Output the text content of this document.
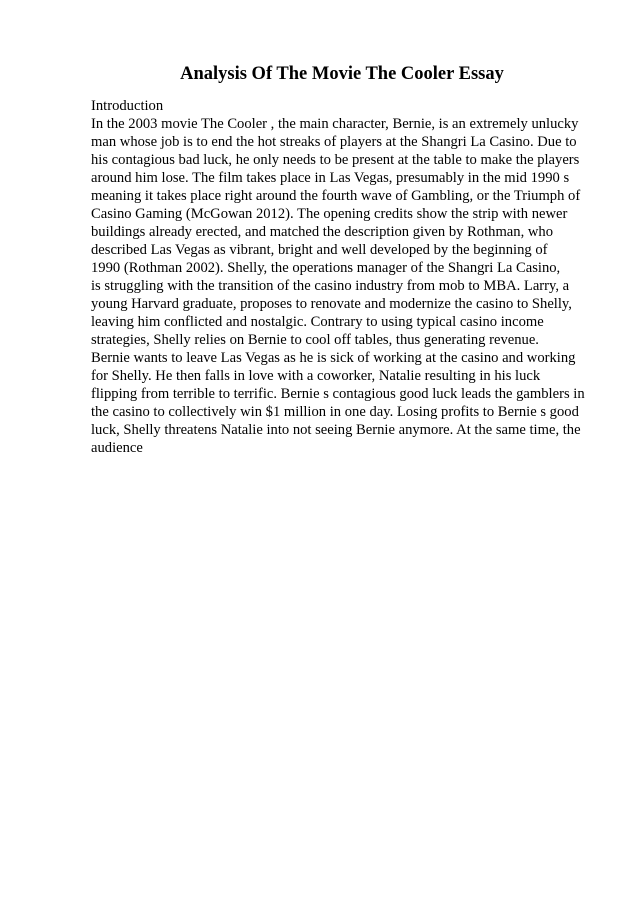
Analysis Of The Movie The Cooler Essay
Introduction
In the 2003 movie The Cooler , the main character, Bernie, is an extremely unlucky
man whose job is to end the hot streaks of players at the Shangri La Casino. Due to
his contagious bad luck, he only needs to be present at the table to make the players
around him lose. The film takes place in Las Vegas, presumably in the mid 1990 s
meaning it takes place right around the fourth wave of Gambling, or the Triumph of
Casino Gaming (McGowan 2012). The opening credits show the strip with newer
buildings already erected, and matched the description given by Rothman, who
described Las Vegas as vibrant, bright and well developed by the beginning of
1990 (Rothman 2002). Shelly, the operations manager of the Shangri La Casino,
is struggling with the transition of the casino industry from mob to MBA. Larry, a
young Harvard graduate, proposes to renovate and modernize the casino to Shelly,
leaving him conflicted and nostalgic. Contrary to using typical casino income
strategies, Shelly relies on Bernie to cool off tables, thus generating revenue.
Bernie wants to leave Las Vegas as he is sick of working at the casino and working
for Shelly. He then falls in love with a coworker, Natalie resulting in his luck
flipping from terrible to terrific. Bernie s contagious good luck leads the gamblers in
the casino to collectively win $1 million in one day. Losing profits to Bernie s good
luck, Shelly threatens Natalie into not seeing Bernie anymore. At the same time, the
audience
